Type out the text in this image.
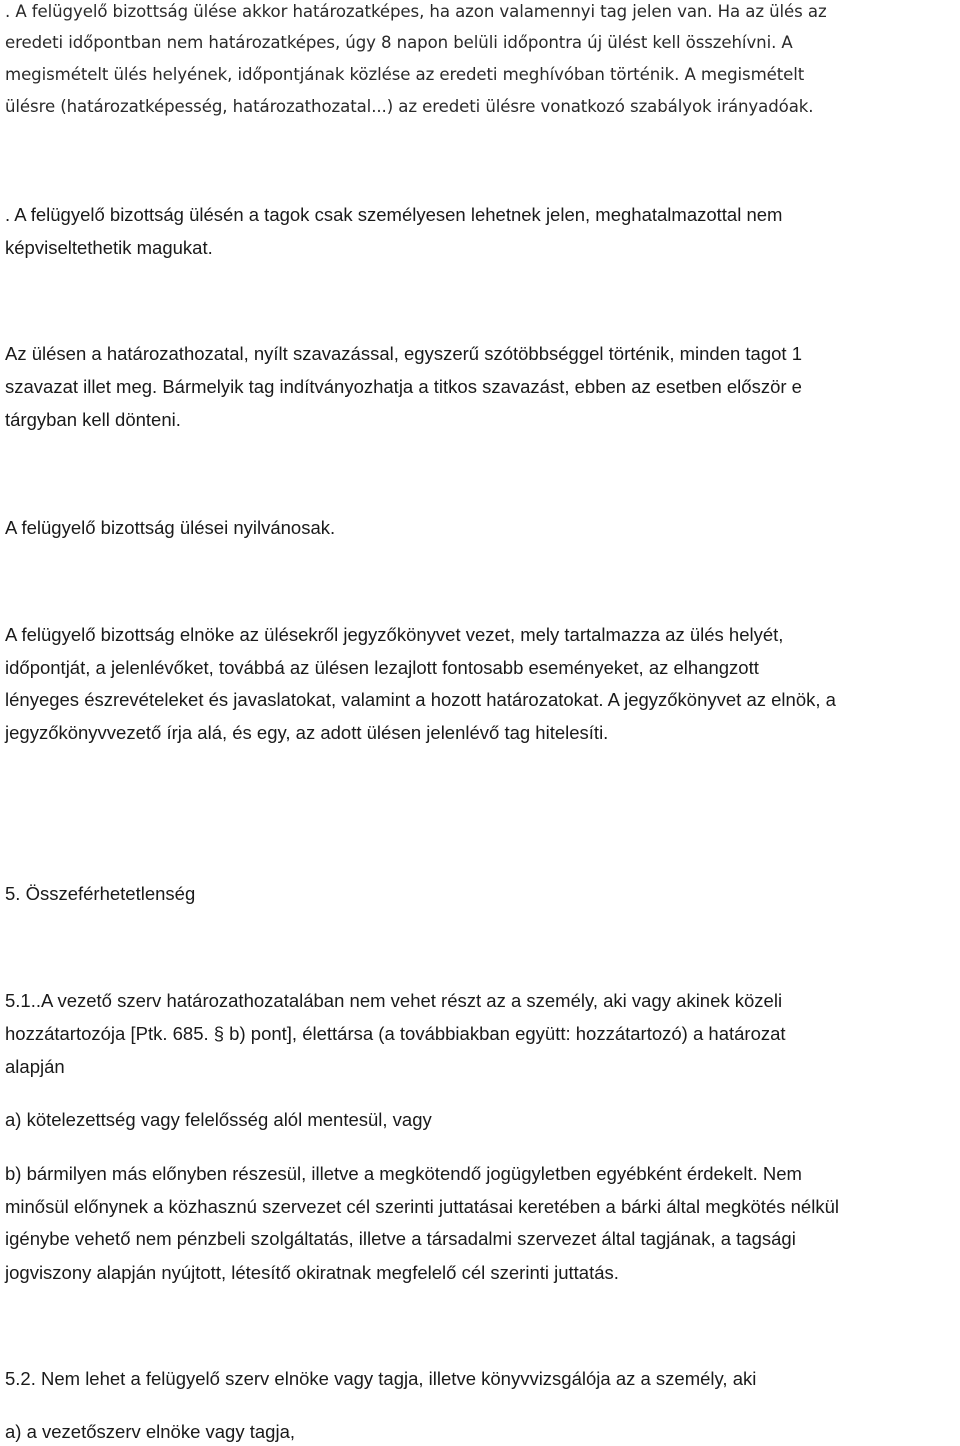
. A felügyelő bizottság ülése akkor határozatképes, ha azon valamennyi tag jelen van. Ha az ülés az
eredeti időpontban nem határozatképes, úgy 8 napon belüli időpontra új ülést kell összehívni. A
megismételt ülés helyének, időpontjának közlése az eredeti meghívóban történik. A megismételt
ülésre (határozatképesség, határozathozatal...) az eredeti ülésre vonatkozó szabályok irányadóak.
. A felügyelő bizottság ülésén a tagok csak személyesen lehetnek jelen, meghatalmazottal nem
képviseltethetik magukat.
Az ülésen a határozathozatal, nyílt szavazással, egyszerű szótöbbséggel történik, minden tagot 1
szavazat illet meg. Bármelyik tag indítványozhatja a titkos szavazást, ebben az esetben először e
tárgyban kell dönteni.
A felügyelő bizottság ülései nyilvánosak.
A felügyelő bizottság elnöke az ülésekről jegyzőkönyvet vezet, mely tartalmazza az ülés helyét,
időpontját, a jelenlévőket, továbbá az ülésen lezajlott fontosabb eseményeket, az elhangzott
lényeges észrevételeket és javaslatokat, valamint a hozott határozatokat. A jegyzőkönyvet az elnök, a
jegyzőkönyvvezető írja alá, és egy, az adott ülésen jelenlévő tag hitelesíti.
5. Összeférhetetlenség
5.1..A vezető szerv határozathozatalában nem vehet részt az a személy, aki vagy akinek közeli
hozzátartozója [Ptk. 685. § b) pont], élettársa (a továbbiakban együtt: hozzátartozó) a határozat
alapján
a) kötelezettség vagy felelősség alól mentesül, vagy
b) bármilyen más előnyben részesül, illetve a megkötendő jogügyletben egyébként érdekelt. Nem
minősül előnynek a közhasznú szervezet cél szerinti juttatásai keretében a bárki által megkötés nélkül
igénybe vehető nem pénzbeli szolgáltatás, illetve a társadalmi szervezet által tagjának, a tagsági
jogviszony alapján nyújtott, létesítő okiratnak megfelelő cél szerinti juttatás.
5.2. Nem lehet a felügyelő szerv elnöke vagy tagja, illetve könyvvizsgálója az a személy, aki
a) a vezetőszerv elnöke vagy tagja,
